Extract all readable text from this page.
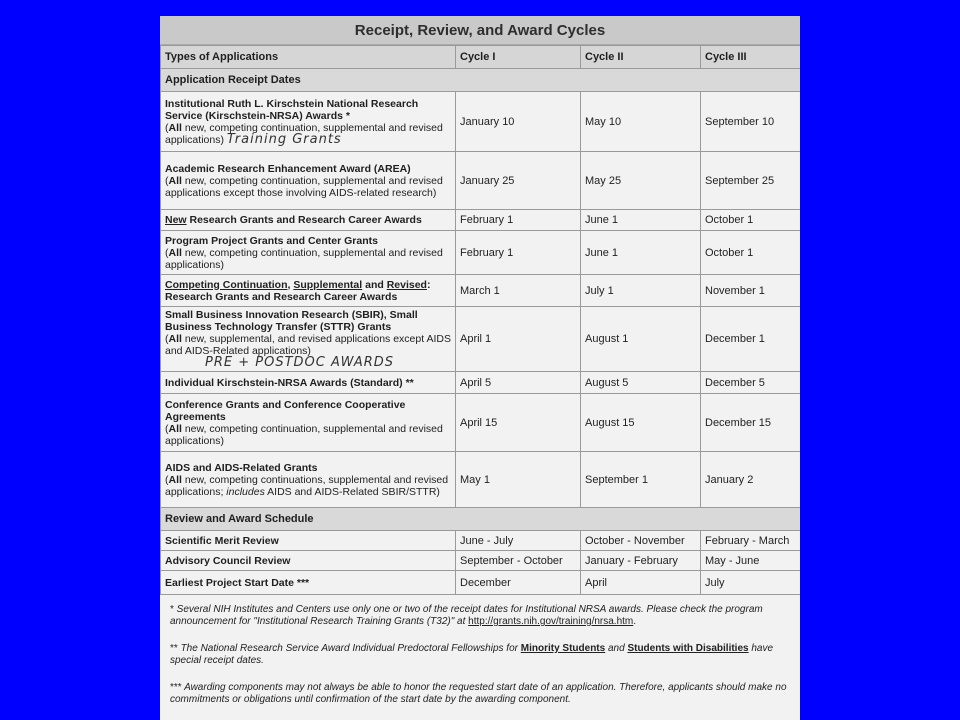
Receipt, Review, and Award Cycles
Types of Applications	Cycle I	Cycle II	Cycle III
Application Receipt Dates			
Institutional Ruth L. Kirschstein National Research Service (Kirschstein-NRSA) Awards *
(All new, competing continuation, supplemental and revised applications) Training Grants	January 10	May 10	September 10
Academic Research Enhancement Award (AREA)
(All new, competing continuation, supplemental and revised applications except those involving AIDS-related research)	January 25	May 25	September 25
New Research Grants and Research Career Awards	February 1	June 1	October 1
Program Project Grants and Center Grants
(All new, competing continuation, supplemental and revised applications)	February 1	June 1	October 1
Competing Continuation, Supplemental and Revised: Research Grants and Research Career Awards	March 1	July 1	November 1
Small Business Innovation Research (SBIR), Small Business Technology Transfer (STTR) Grants
(All new, supplemental, and revised applications except AIDS and AIDS-Related applications)
PRE + POSTDOC AWARDS	April 1	August 1	December 1
Individual Kirschstein-NRSA Awards (Standard) **	April 5	August 5	December 5
Conference Grants and Conference Cooperative Agreements
(All new, competing continuation, supplemental and revised applications)	April 15	August 15	December 15
AIDS and AIDS-Related Grants
(All new, competing continuations, supplemental and revised applications; includes AIDS and AIDS-Related SBIR/STTR)	May 1	September 1	January 2
Review and Award Schedule			
Scientific Merit Review	June - July	October - November	February - March
Advisory Council Review	September - October	January - February	May - June
Earliest Project Start Date ***	December	April	July

* Several NIH Institutes and Centers use only one or two of the receipt dates for Institutional NRSA awards. Please check the program announcement for "Institutional Research Training Grants (T32)" at http://grants.nih.gov/training/nrsa.htm.

** The National Research Service Award Individual Predoctoral Fellowships for Minority Students and Students with Disabilities have special receipt dates.

*** Awarding components may not always be able to honor the requested start date of an application. Therefore, applicants should make no commitments or obligations until confirmation of the start date by the awarding component.
